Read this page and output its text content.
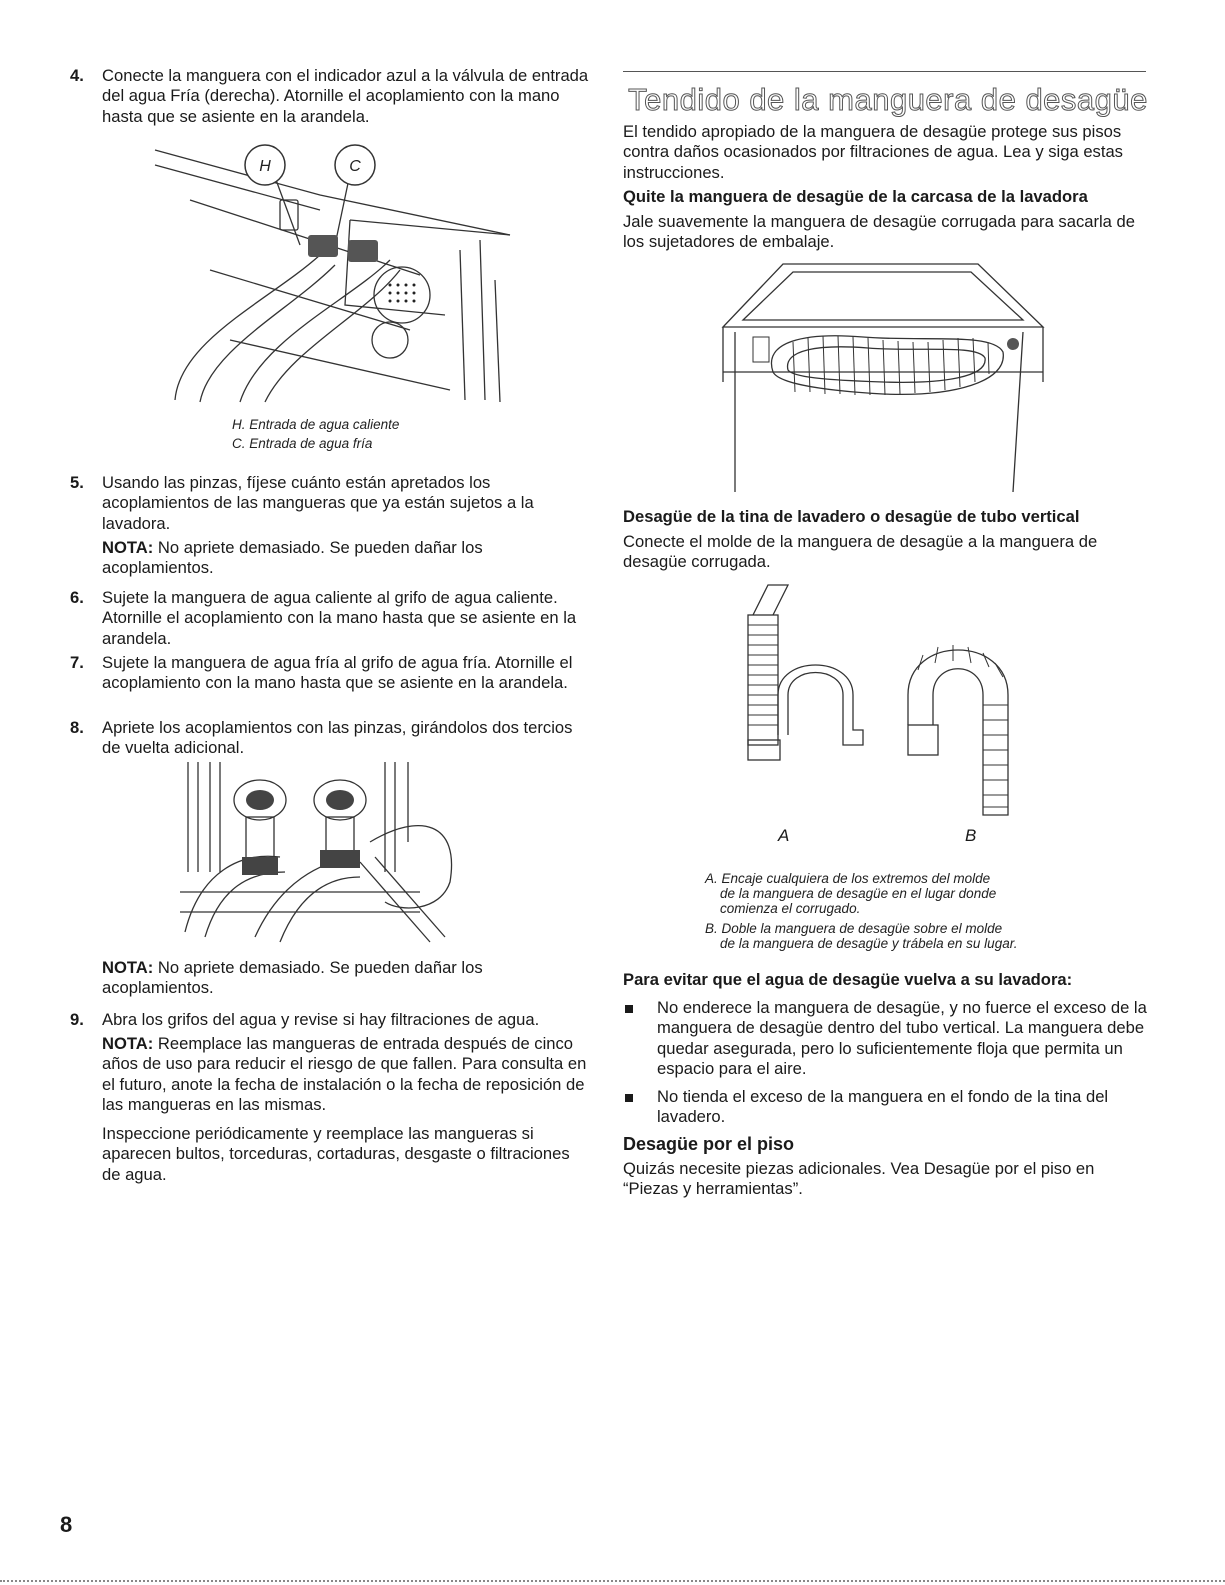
4. Conecte la manguera con el indicador azul a la válvula de entrada del agua Fría (derecha). Atornille el acoplamiento con la mano hasta que se asiente en la arandela.

H	C

H. Entrada de agua caliente

C. Entrada de agua fría

5. Usando las pinzas, fíjese cuánto están apretados los acoplamientos de las mangueras que ya están sujetos a la lavadora.

NOTA: No apriete demasiado. Se pueden dañar los acoplamientos.

6. Sujete la manguera de agua caliente al grifo de agua caliente. Atornille el acoplamiento con la mano hasta que se asiente en la arandela.

7. Sujete la manguera de agua fría al grifo de agua fría. Atornille el acoplamiento con la mano hasta que se asiente en la arandela.

8. Apriete los acoplamientos con las pinzas, girándolos dos tercios de vuelta adicional.

NOTA: No apriete demasiado. Se pueden dañar los acoplamientos.

9. Abra los grifos del agua y revise si hay filtraciones de agua.

NOTA: Reemplace las mangueras de entrada después de cinco años de uso para reducir el riesgo de que fallen. Para consulta en el futuro, anote la fecha de instalación o la fecha de reposición de las mangueras en las mismas.

Inspeccione periódicamente y reemplace las mangueras si aparecen bultos, torceduras, cortaduras, desgaste o filtraciones de agua.

Tendido de la manguera de desagüe

El tendido apropiado de la manguera de desagüe protege sus pisos contra daños ocasionados por filtraciones de agua. Lea y siga estas instrucciones.

Quite la manguera de desagüe de la carcasa de la lavadora

Jale suavemente la manguera de desagüe corrugada para sacarla de los sujetadores de embalaje.

Desagüe de la tina de lavadero o desagüe de tubo vertical

Conecte el molde de la manguera de desagüe a la manguera de desagüe corrugada.

A	B

A. Encaje cualquiera de los extremos del molde

de la manguera de desagüe en el lugar donde

comienza el corrugado.

B. Doble la manguera de desagüe sobre el molde

de la manguera de desagüe y trábela en su lugar.

Para evitar que el agua de desagüe vuelva a su lavadora:

No enderece la manguera de desagüe, y no fuerce el exceso de la manguera de desagüe dentro del tubo vertical. La manguera debe quedar asegurada, pero lo suficientemente floja que permita un espacio para el aire.

No tienda el exceso de la manguera en el fondo de la tina del lavadero.

Desagüe por el piso

Quizás necesite piezas adicionales. Vea Desagüe por el piso en “Piezas y herramientas”.

8
